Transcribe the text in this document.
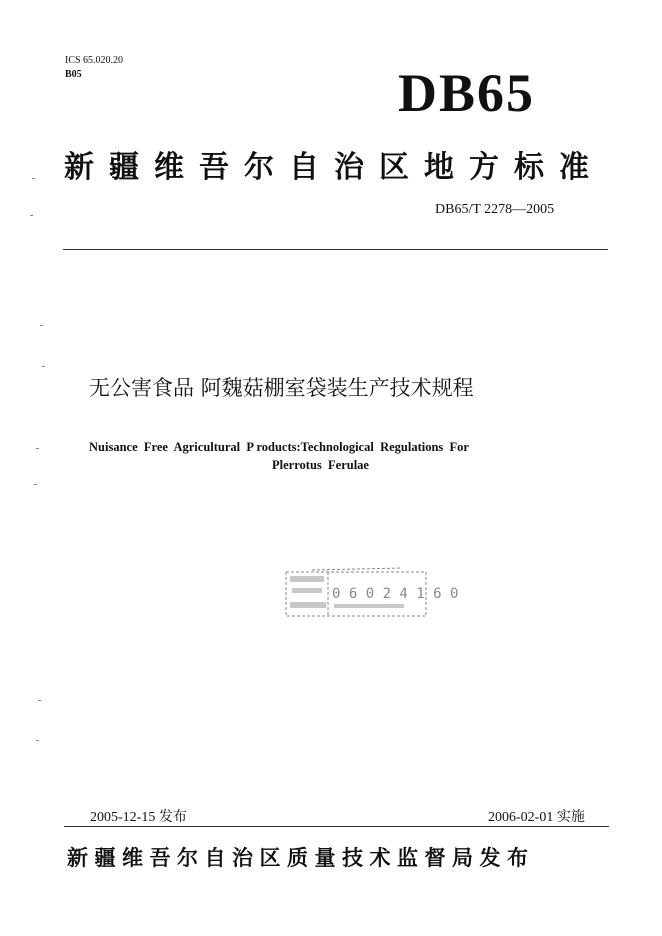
ICS 65.020.20
B05	DB65
新疆维吾尔自治区地方标准
DB65/T 2278—2005
无公害食品 阿魏菇棚室袋装生产技术规程
Nuisance  Free  Agricultural  P roducts:Technological  Regulations  For
Plerrotus  Ferulae
0 6 0 2 4 1 6 0
2005-12-15 发布	2006-02-01 实施
新疆维吾尔自治区质量技术监督局发布
